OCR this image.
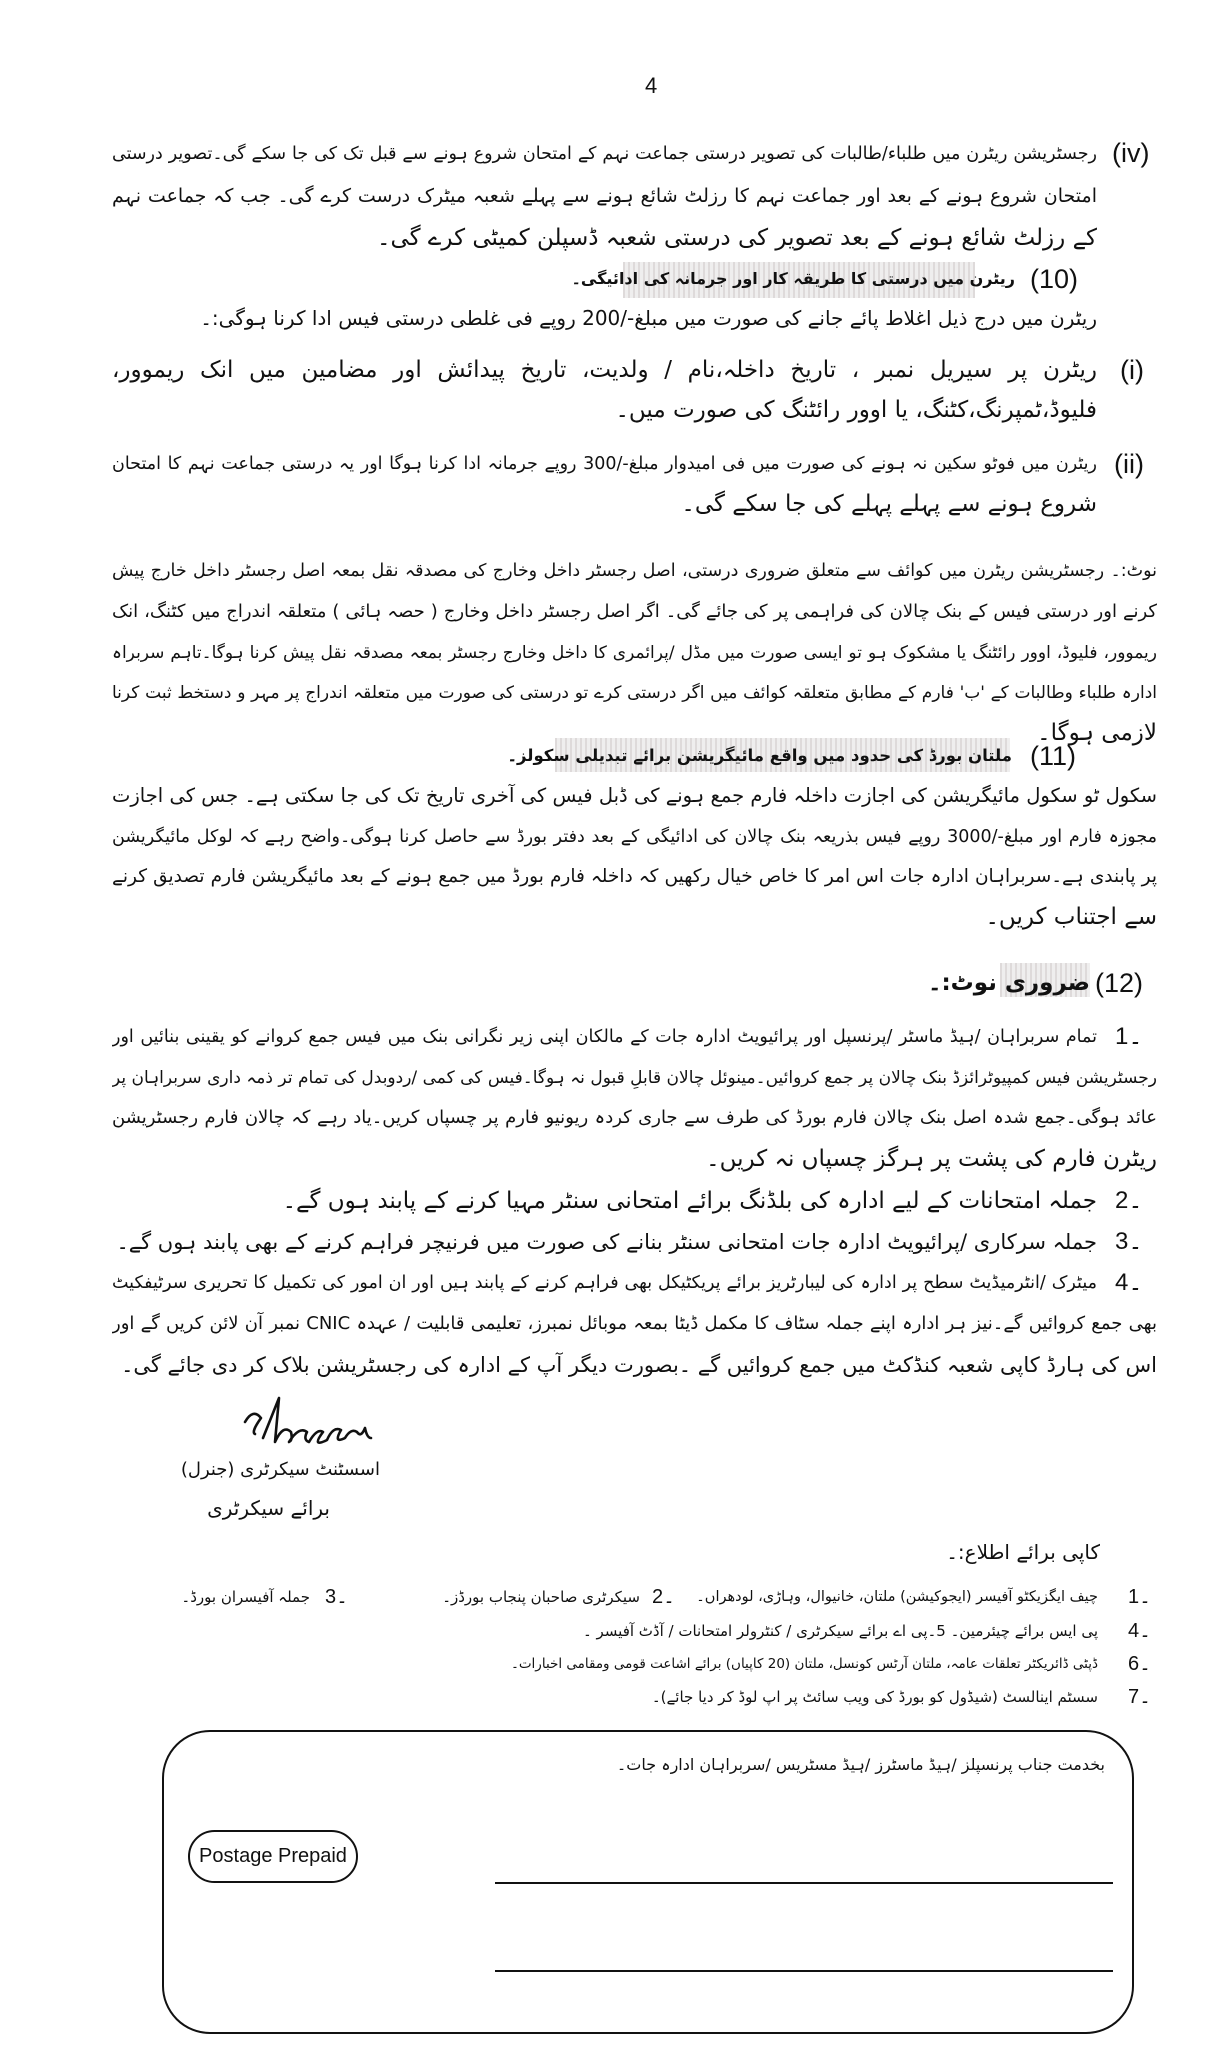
4
(iv)
رجسٹریشن ریٹرن میں طلباء/طالبات کی تصویر درستی جماعت نہم کے امتحان شروع ہونے سے قبل تک کی جا سکے گی۔تصویر درستی
امتحان شروع ہونے کے بعد اور جماعت نہم کا رزلٹ شائع ہونے سے پہلے شعبہ میٹرک درست کرے گی۔ جب کہ جماعت نہم
کے رزلٹ شائع ہونے کے بعد تصویر کی درستی شعبہ ڈسپلن کمیٹی کرے گی۔
(10)
ریٹرن میں درستی کا طریقہ کار اور جرمانہ کی ادائیگی۔
ریٹرن میں درج ذیل اغلاط پائے جانے کی صورت میں مبلغ-/200 روپے فی غلطی درستی فیس ادا کرنا ہوگی:۔
(i)
ریٹرن پر سیریل نمبر ، تاریخ داخلہ،نام / ولدیت، تاریخ پیدائش اور مضامین میں انک ریموور،
فلیوڈ،ٹمپرنگ،کٹنگ، یا اوور رائٹنگ کی صورت میں۔
(ii)
ریٹرن میں فوٹو سکین نہ ہونے کی صورت میں فی امیدوار مبلغ-/300 روپے جرمانہ ادا کرنا ہوگا اور یہ درستی جماعت نہم کا امتحان
شروع ہونے سے پہلے پہلے کی جا سکے گی۔
نوٹ:۔ رجسٹریشن ریٹرن میں کوائف سے متعلق ضروری درستی، اصل رجسٹر داخل وخارج کی مصدقہ نقل بمعہ اصل رجسٹر داخل خارج پیش
کرنے اور درستی فیس کے بنک چالان کی فراہمی پر کی جائے گی۔ اگر اصل رجسٹر داخل وخارج ( حصہ ہائی ) متعلقہ اندراج میں کٹنگ، انک
ریموور، فلیوڈ، اوور رائٹنگ یا مشکوک ہو تو ایسی صورت میں مڈل /پرائمری کا داخل وخارج رجسٹر بمعہ مصدقہ نقل پیش کرنا ہوگا۔تاہم سربراہ
ادارہ طلباء وطالبات کے 'ب' فارم کے مطابق متعلقہ کوائف میں اگر درستی کرے تو درستی کی صورت میں متعلقہ اندراج پر مہر و دستخط ثبت کرنا
لازمی ہوگا۔
(11)
ملتان بورڈ کی حدود میں واقع مائیگریشن برائے تبدیلی سکولز۔
سکول ٹو سکول مائیگریشن کی اجازت داخلہ فارم جمع ہونے کی ڈبل فیس کی آخری تاریخ تک کی جا سکتی ہے۔ جس کی اجازت
مجوزہ فارم اور مبلغ-/3000 روپے فیس بذریعہ بنک چالان کی ادائیگی کے بعد دفتر بورڈ سے حاصل کرنا ہوگی۔واضح رہے کہ لوکل مائیگریشن
پر پابندی ہے۔سربراہان ادارہ جات اس امر کا خاص خیال رکھیں کہ داخلہ فارم بورڈ میں جمع ہونے کے بعد مائیگریشن فارم تصدیق کرنے
سے اجتناب کریں۔
(12)
ضروری نوٹ:۔
1۔
تمام سربراہان /ہیڈ ماسٹر /پرنسپل اور پرائیویٹ ادارہ جات کے مالکان اپنی زیر نگرانی بنک میں فیس جمع کروانے کو یقینی بنائیں اور
رجسٹریشن فیس کمپیوٹرائزڈ بنک چالان پر جمع کروائیں۔مینوئل چالان قابلِ قبول نہ ہوگا۔فیس کی کمی /ردوبدل کی تمام تر ذمہ داری سربراہان پر
عائد ہوگی۔جمع شدہ اصل بنک چالان فارم بورڈ کی طرف سے جاری کردہ ریونیو فارم پر چسپاں کریں۔یاد رہے کہ چالان فارم رجسٹریشن
ریٹرن فارم کی پشت پر ہرگز چسپاں نہ کریں۔
2۔
جملہ امتحانات کے لیے ادارہ کی بلڈنگ برائے امتحانی سنٹر مہیا کرنے کے پابند ہوں گے۔
3۔
جملہ سرکاری /پرائیویٹ ادارہ جات امتحانی سنٹر بنانے کی صورت میں فرنیچر فراہم کرنے کے بھی پابند ہوں گے۔
4۔
میٹرک /انٹرمیڈیٹ سطح پر ادارہ کی لیبارٹریز برائے پریکٹیکل بھی فراہم کرنے کے پابند ہیں اور ان امور کی تکمیل کا تحریری سرٹیفکیٹ
بھی جمع کروائیں گے۔نیز ہر ادارہ اپنے جملہ سٹاف کا مکمل ڈیٹا بمعہ موبائل نمبرز، تعلیمی قابلیت / عہدہ CNIC نمبر آن لائن کریں گے اور
اس کی ہارڈ کاپی شعبہ کنڈکٹ میں جمع کروائیں گے ۔بصورت دیگر آپ کے ادارہ کی رجسٹریشن بلاک کر دی جائے گی۔
اسسٹنٹ سیکرٹری (جنرل)
برائے سیکرٹری
کاپی برائے اطلاع:۔
1۔
چیف ایگزیکٹو آفیسر (ایجوکیشن) ملتان، خانیوال، وہاڑی، لودھراں۔
2۔
سیکرٹری صاحبان پنجاب بورڈز۔
3۔
جملہ آفیسران بورڈ۔
4۔
پی ایس برائے چیئرمین۔ 5۔پی اے برائے سیکرٹری / کنٹرولر امتحانات / آڈٹ آفیسر ۔
6۔
ڈپٹی ڈائریکٹر تعلقات عامہ، ملتان آرٹس کونسل، ملتان (20 کاپیاں) برائے اشاعت قومی ومقامی اخبارات۔
7۔
سسٹم اینالسٹ (شیڈول کو بورڈ کی ویب سائٹ پر اپ لوڈ کر دیا جائے)۔
بخدمت جناب پرنسپلز /ہیڈ ماسٹرز /ہیڈ مسٹریس /سربراہان ادارہ جات۔
Postage Prepaid
